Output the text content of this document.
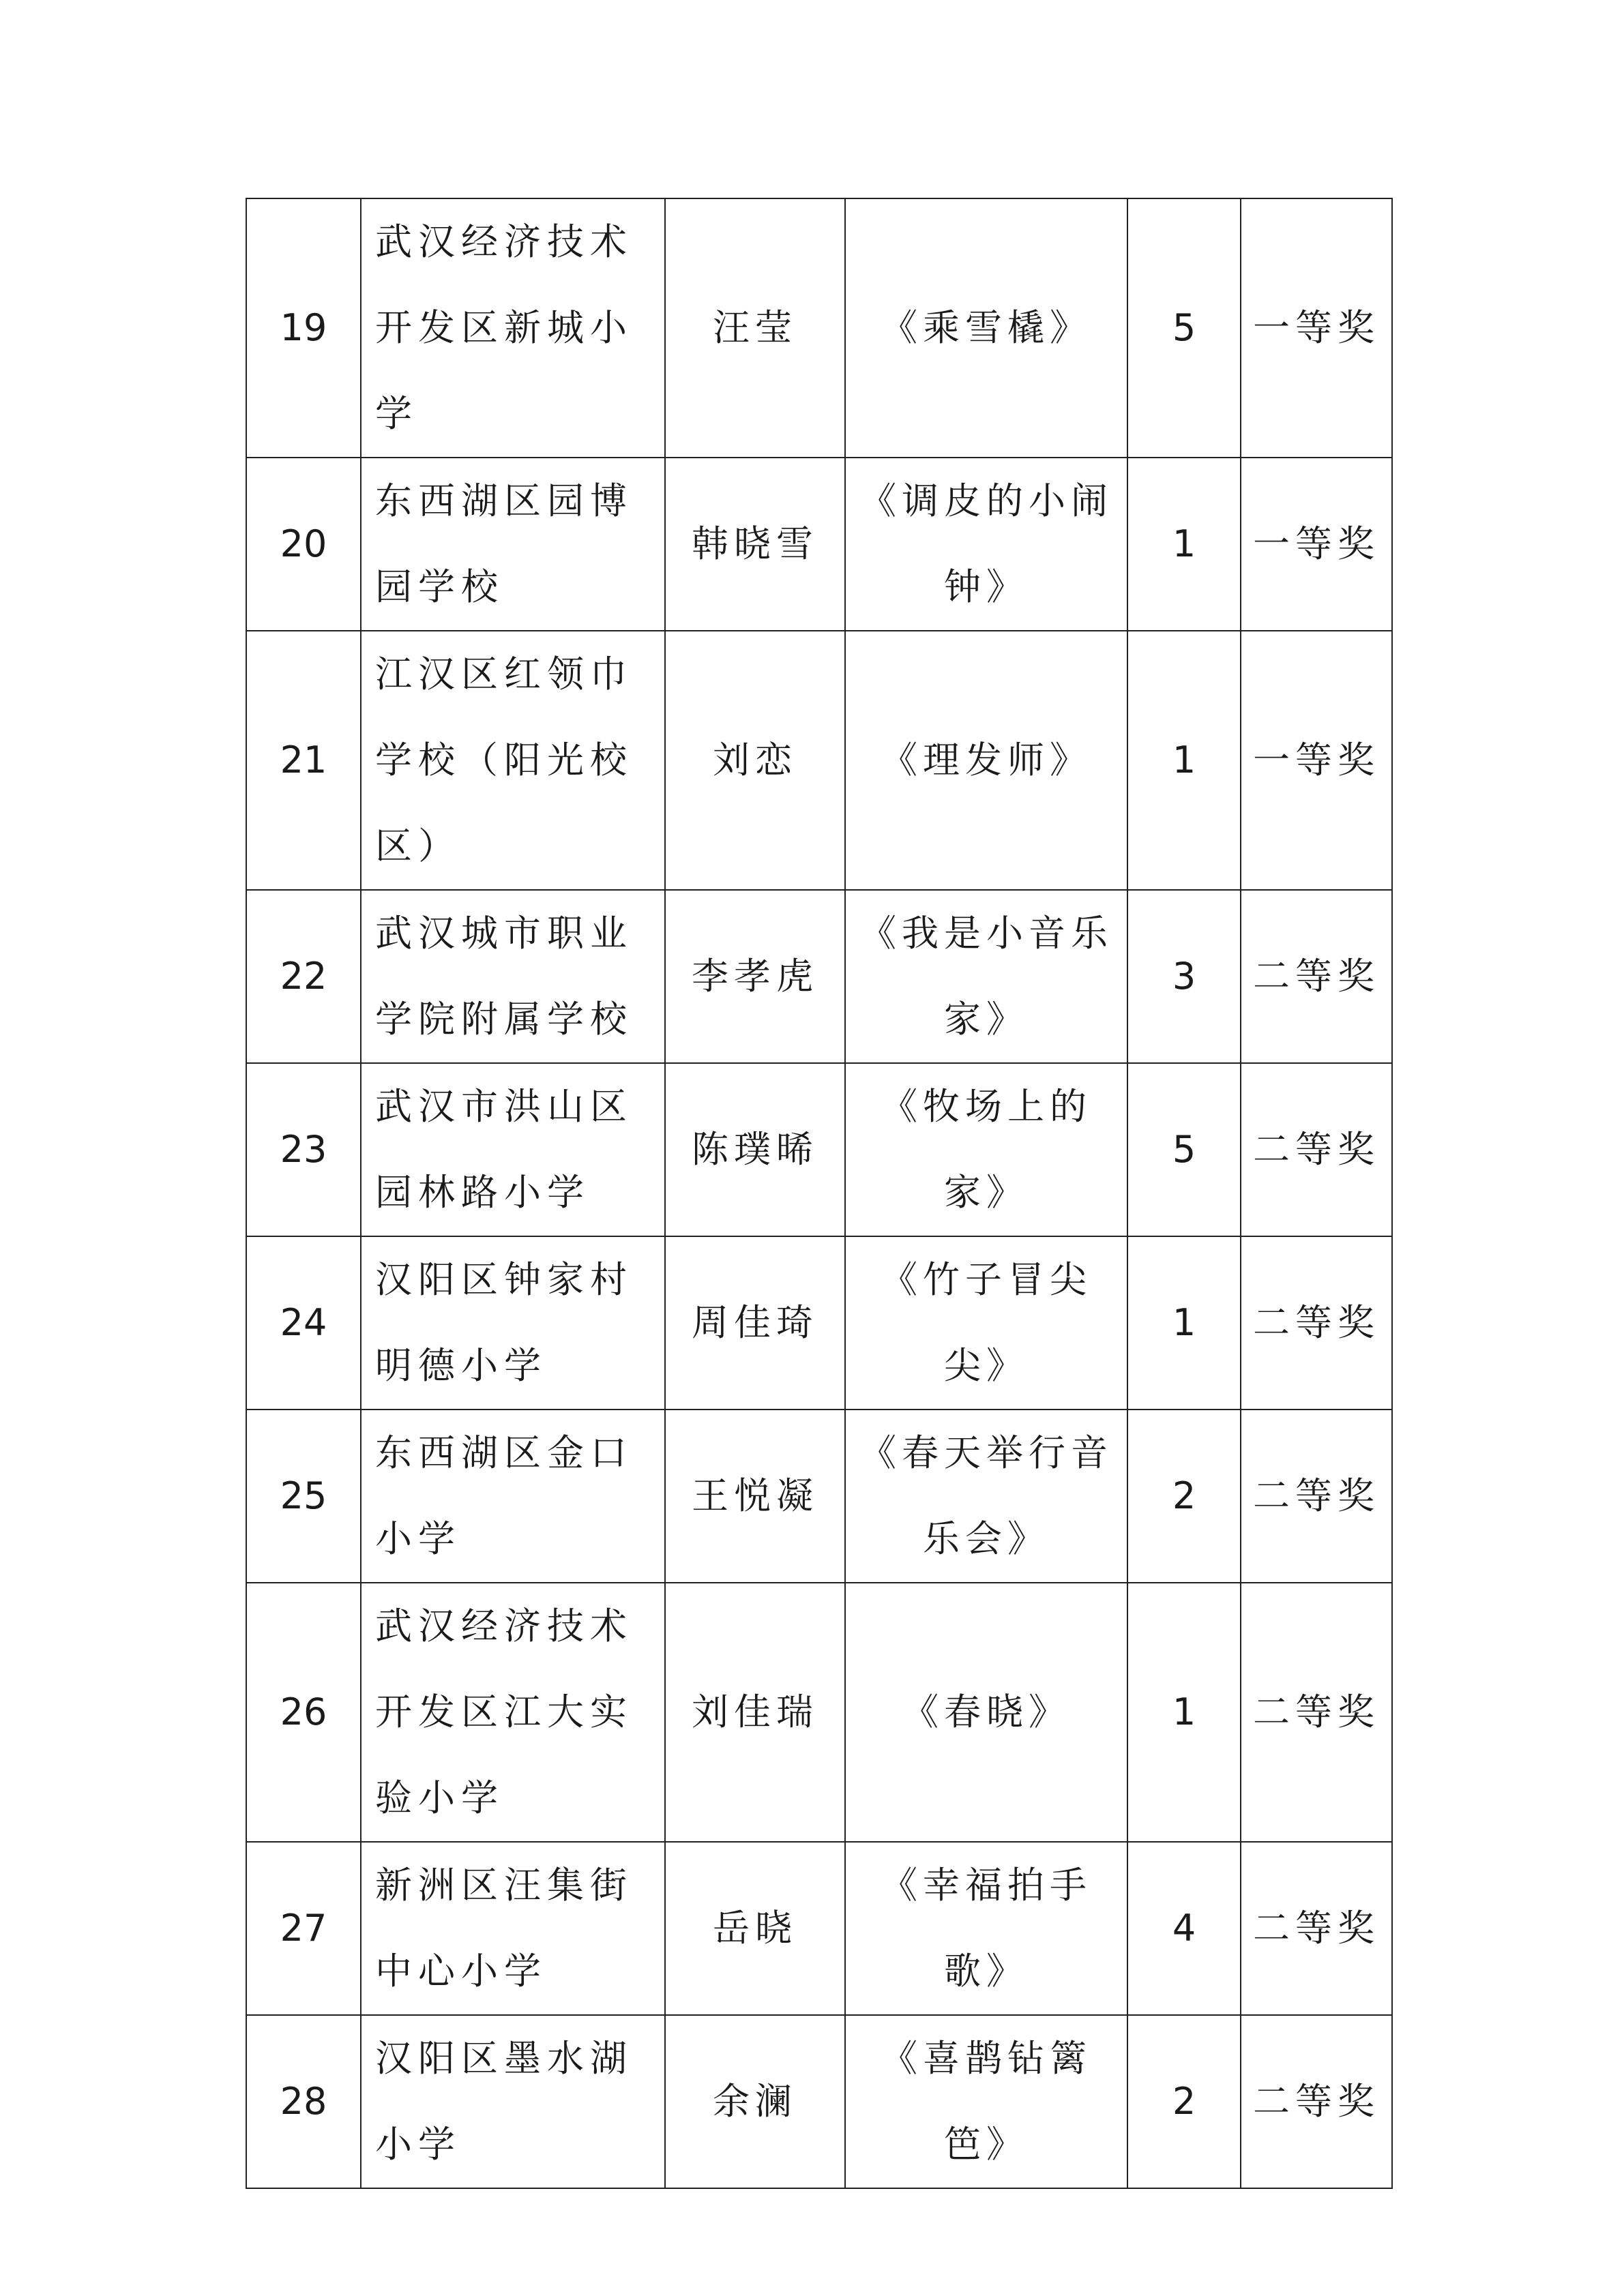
19	武汉经济技术开发区新城小学	汪莹	《乘雪橇》	5	一等奖
20	东西湖区园博园学校	韩晓雪	《调皮的小闹钟》	1	一等奖
21	江汉区红领巾学校（阳光校区）	刘恋	《理发师》	1	一等奖
22	武汉城市职业学院附属学校	李孝虎	《我是小音乐家》	3	二等奖
23	武汉市洪山区园林路小学	陈璞晞	《牧场上的家》	5	二等奖
24	汉阳区钟家村明德小学	周佳琦	《竹子冒尖尖》	1	二等奖
25	东西湖区金口小学	王悦凝	《春天举行音乐会》	2	二等奖
26	武汉经济技术开发区江大实验小学	刘佳瑞	《春晓》	1	二等奖
27	新洲区汪集街中心小学	岳晓	《幸福拍手歌》	4	二等奖
28	汉阳区墨水湖小学	余澜	《喜鹊钻篱笆》	2	二等奖
